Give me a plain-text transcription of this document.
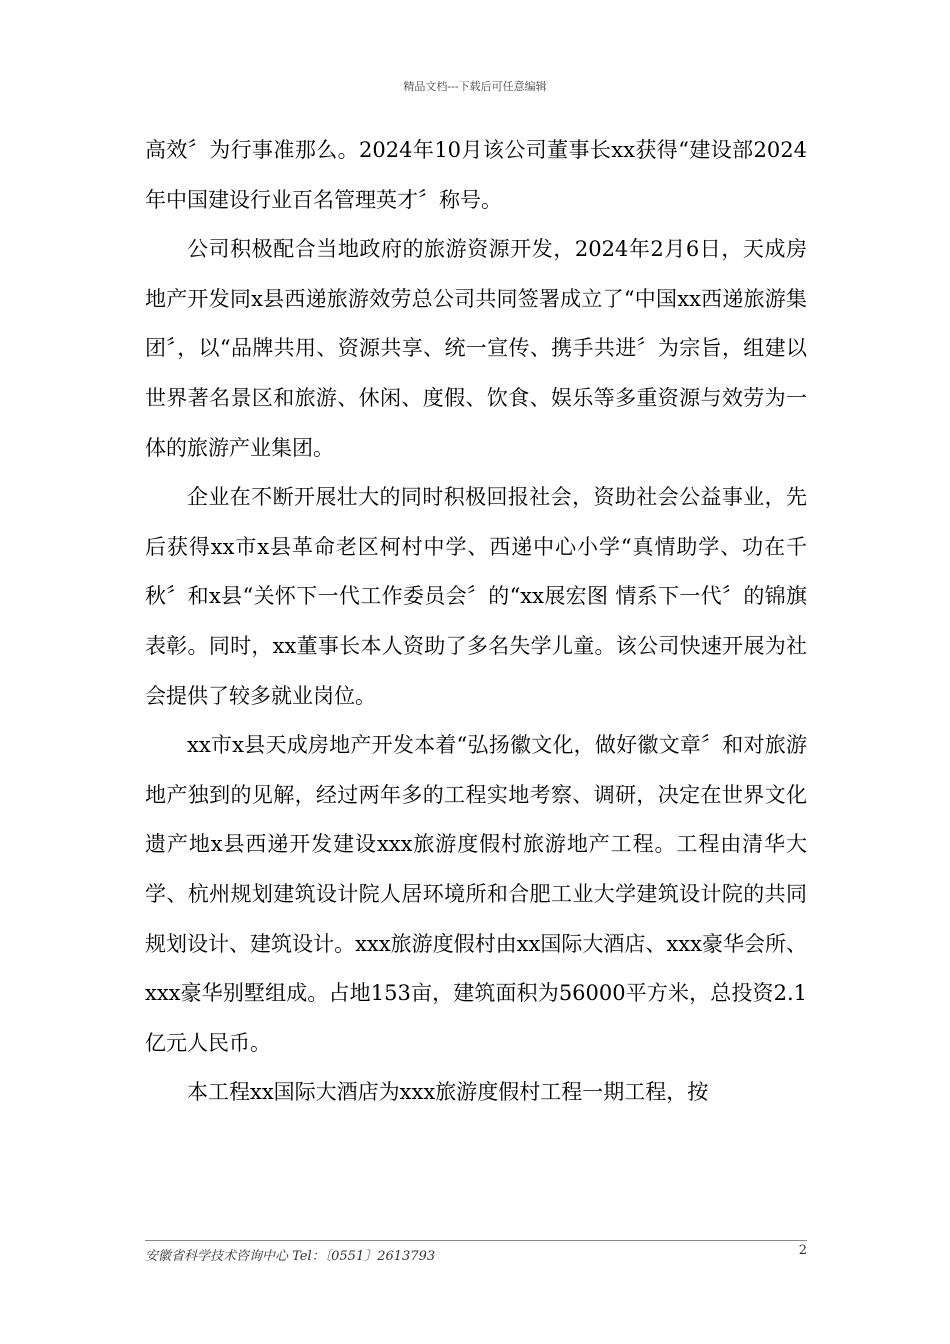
精品文档---下载后可任意编辑

高效〞为行事准那么。2024年10月该公司董事长xx获得“建设部2024年中国建设行业百名管理英才〞称号。

公司积极配合当地政府的旅游资源开发，2024年2月6日，天成房地产开发同x县西递旅游效劳总公司共同签署成立了“中国xx西递旅游集团〞，以“品牌共用、资源共享、统一宣传、携手共进〞为宗旨，组建以世界著名景区和旅游、休闲、度假、饮食、娱乐等多重资源与效劳为一体的旅游产业集团。

企业在不断开展壮大的同时积极回报社会，资助社会公益事业，先后获得xx市x县革命老区柯村中学、西递中心小学“真情助学、功在千秋〞和x县“关怀下一代工作委员会〞的“xx展宏图 情系下一代〞的锦旗表彰。同时，xx董事长本人资助了多名失学儿童。该公司快速开展为社会提供了较多就业岗位。

xx市x县天成房地产开发本着“弘扬徽文化，做好徽文章〞和对旅游地产独到的见解，经过两年多的工程实地考察、调研，决定在世界文化遗产地x县西递开发建设xxx旅游度假村旅游地产工程。工程由清华大学、杭州规划建筑设计院人居环境所和合肥工业大学建筑设计院的共同规划设计、建筑设计。xxx旅游度假村由xx国际大酒店、xxx豪华会所、xxx豪华别墅组成。占地153亩，建筑面积为56000平方米，总投资2.1亿元人民币。

本工程xx国际大酒店为xxx旅游度假村工程一期工程，按

安徽省科学技术咨询中心 Tel：〔0551〕2613793	2
